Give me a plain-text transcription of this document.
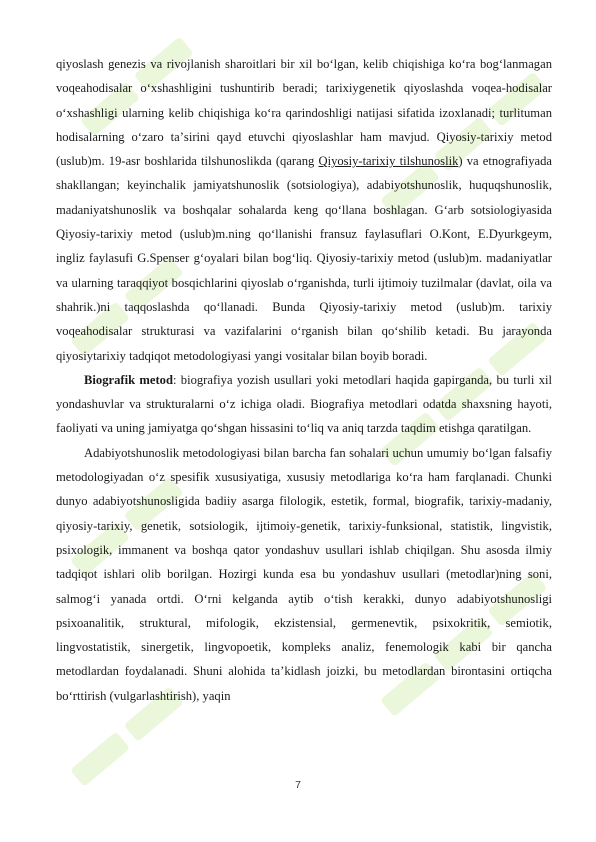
qiyoslash genezis va rivojlanish sharoitlari bir xil boʻlgan, kelib chiqishiga koʻra bogʻlanmagan voqeahodisalar oʻxshashligini tushuntirib beradi; tarixiygenetik qiyoslashda voqea-hodisalar oʻxshashligi ularning kelib chiqishiga koʻra qarindoshligi natijasi sifatida izoxlanadi; turlituman hodisalarning oʻzaro taʼsirini qayd etuvchi qiyoslashlar ham mavjud. Qiyosiy-tarixiy metod (uslub)m. 19-asr boshlarida tilshunoslikda (qarang Qiyosiy-tarixiy tilshunoslik) va etnografiyada shakllangan; keyinchalik jamiyatshunoslik (sotsiologiya), adabiyotshunoslik, huquqshunoslik, madaniyatshunoslik va boshqalar sohalarda keng qoʻllana boshlagan. Gʻarb sotsiologiyasida Qiyosiy-tarixiy metod (uslub)m.ning qoʻllanishi fransuz faylasuflari O.Kont, E.Dyurkgeym, ingliz faylasufi G.Spenser gʻoyalari bilan bogʻliq. Qiyosiy-tarixiy metod (uslub)m. madaniyatlar va ularning taraqqiyot bosqichlarini qiyoslab oʻrganishda, turli ijtimoiy tuzilmalar (davlat, oila va shahrik.)ni taqqoslashda qoʻllanadi. Bunda Qiyosiy-tarixiy metod (uslub)m. tarixiy voqeahodisalar strukturasi va vazifalarini oʻrganish bilan qoʻshilib ketadi. Bu jarayonda qiyosiytarixiy tadqiqot metodologiyasi yangi vositalar bilan boyib boradi.

Biografik metod: biografiya yozish usullari yoki metodlari haqida gapirganda, bu turli xil yondashuvlar va strukturalarni oʻz ichiga oladi. Biografiya metodlari odatda shaxsning hayoti, faoliyati va uning jamiyatga qoʻshgan hissasini toʻliq va aniq tarzda taqdim etishga qaratilgan.

Adabiyotshunoslik metodologiyasi bilan barcha fan sohalari uchun umumiy boʻlgan falsafiy metodologiyadan oʻz spesifik xususiyatiga, xususiy metodlariga koʻra ham farqlanadi. Chunki dunyo adabiyotshunosligida badiiy asarga filologik, estetik, formal, biografik, tarixiy-madaniy, qiyosiy-tarixiy, genetik, sotsiologik, ijtimoiy-genetik, tarixiy-funksional, statistik, lingvistik, psixologik, immanent va boshqa qator yondashuv usullari ishlab chiqilgan. Shu asosda ilmiy tadqiqot ishlari olib borilgan. Hozirgi kunda esa bu yondashuv usullari (metodlar)ning soni, salmogʻi yanada ortdi. Oʻrni kelganda aytib oʻtish kerakki, dunyo adabiyotshunosligi psixoanalitik, struktural, mifologik, ekzistensial, germenevtik, psixokritik, semiotik, lingvostatistik, sinergetik, lingvopoetik, kompleks analiz, fenemologik kabi bir qancha metodlardan foydalanadi. Shuni alohida taʼkidlash joizki, bu metodlardan birontasini ortiqcha boʻrttirish (vulgarlashtirish), yaqin

7
